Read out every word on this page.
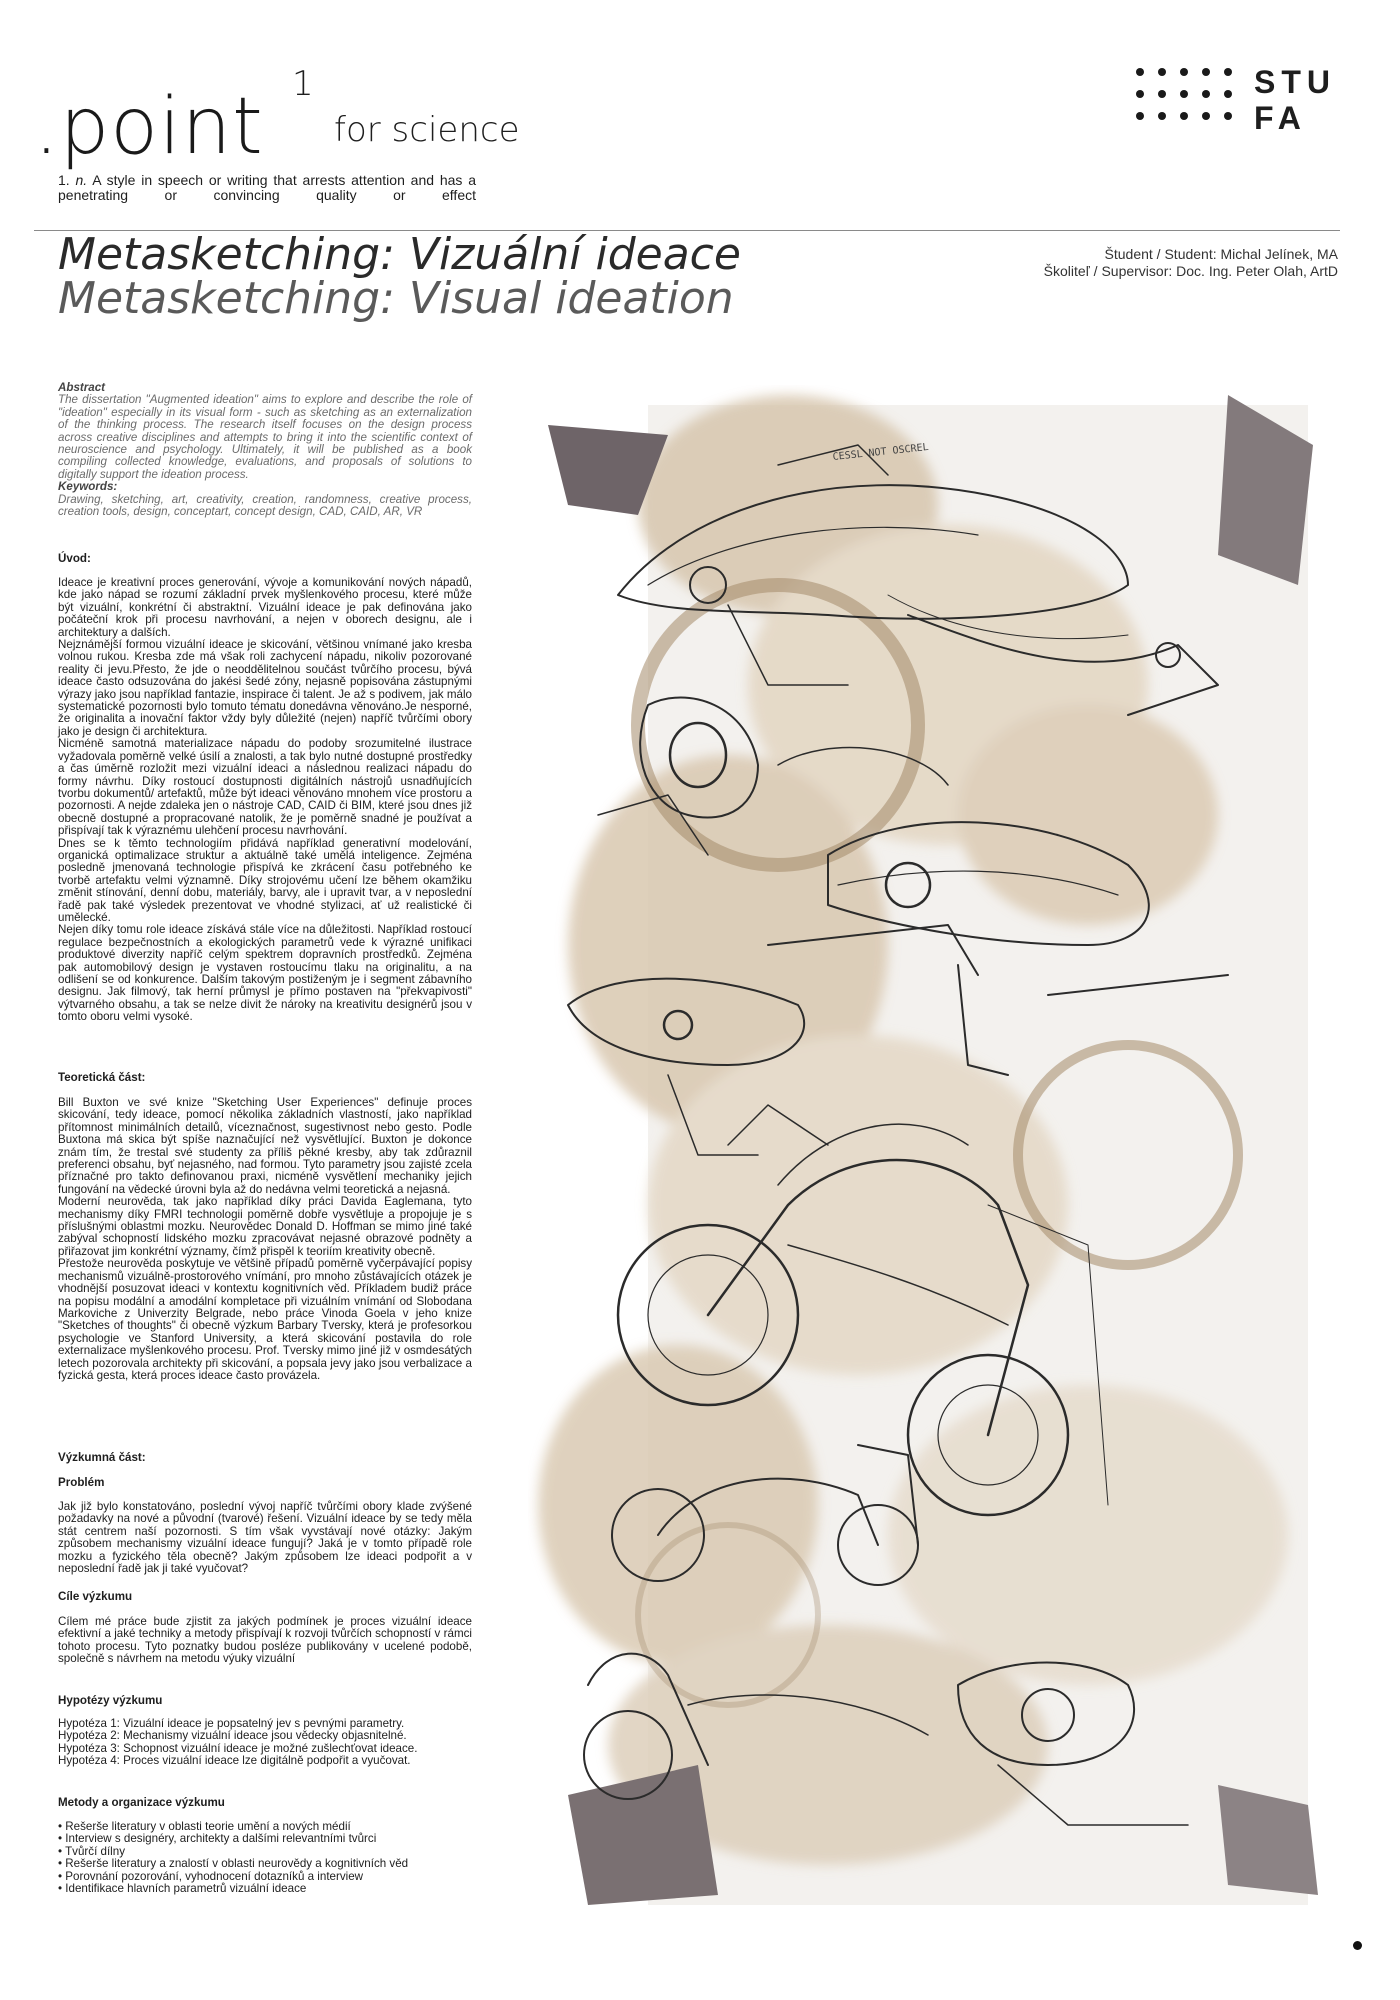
.point 1
for science
1. n. A style in speech or writing that arrests attention and has a penetrating or convincing quality or effect
STU
FA
Metasketching: Vizuální ideace
Metasketching: Visual ideation
Študent / Student: Michal Jelínek, MA
Školiteľ / Supervisor: Doc. Ing. Peter Olah, ArtD

Abstract

The dissertation "Augmented ideation" aims to explore and describe the role of "ideation" especially in its visual form - such as sketching as an externalization of the thinking process. The research itself focuses on the design process across creative disciplines and attempts to bring it into the scientific context of neuroscience and psychology. Ultimately, it will be published as a book compiling collected knowledge, evaluations, and proposals of solutions to digitally support the ideation process.

Keywords:

Drawing, sketching, art, creativity, creation, randomness, creative process, creation tools, design, conceptart, concept design, CAD, CAID, AR, VR

Úvod:

Ideace je kreativní proces generování, vývoje a komunikování nových nápadů, kde jako nápad se rozumí základní prvek myšlenkového procesu, které může být vizuální, konkrétní či abstraktní. Vizuální ideace je pak definována jako počáteční krok při procesu navrhování, a nejen v oborech designu, ale i architektury a dalších.

Nejznámější formou vizuální ideace je skicování, většinou vnímané jako kresba volnou rukou. Kresba zde má však roli zachycení nápadu, nikoliv pozorované reality či jevu.Přesto, že jde o neoddělitelnou součást tvůrčího procesu, bývá ideace často odsuzována do jakési šedé zóny, nejasně popisována zástupnými výrazy jako jsou například fantazie, inspirace či talent. Je až s podivem, jak málo systematické pozornosti bylo tomuto tématu donedávna věnováno.Je nesporné, že originalita a inovační faktor vždy byly důležité (nejen) napříč tvůrčími obory jako je design či architektura.

Nicméně samotná materializace nápadu do podoby srozumitelné ilustrace vyžadovala poměrně velké úsilí a znalosti, a tak bylo nutné dostupné prostředky a čas úměrně rozložit mezi vizuální ideaci a následnou realizaci nápadu do formy návrhu. Díky rostoucí dostupnosti digitálních nástrojů usnadňujících tvorbu dokumentů/ artefaktů, může být ideaci věnováno mnohem více prostoru a pozornosti. A nejde zdaleka jen o nástroje CAD, CAID či BIM, které jsou dnes již obecně dostupné a propracované natolik, že je poměrně snadné je používat a přispívají tak k výraznému ulehčení procesu navrhování.

Dnes se k těmto technologiím přidává například generativní modelování, organická optimalizace struktur a aktuálně také umělá inteligence. Zejména posledně jmenovaná technologie přispívá ke zkrácení času potřebného ke tvorbě artefaktu velmi významně. Díky strojovému učení lze během okamžiku změnit stínování, denní dobu, materiály, barvy, ale i upravit tvar, a v neposlední řadě pak také výsledek prezentovat ve vhodné stylizaci, ať už realistické či umělecké.

Nejen díky tomu role ideace získává stále více na důležitosti. Například rostoucí regulace bezpečnostních a ekologických parametrů vede k výrazné unifikaci produktové diverzity napříč celým spektrem dopravních prostředků. Zejména pak automobilový design je vystaven rostoucímu tlaku na originalitu, a na odlišení se od konkurence. Dalším takovým postiženým je i segment zábavního designu. Jak filmový, tak herní průmysl je přímo postaven na "překvapivosti" výtvarného obsahu, a tak se nelze divit že nároky na kreativitu designérů jsou v tomto oboru velmi vysoké.

Teoretická část:

Bill Buxton ve své knize "Sketching User Experiences" definuje proces skicování, tedy ideace, pomocí několika základních vlastností, jako například přítomnost minimálních detailů, víceznačnost, sugestivnost nebo gesto. Podle Buxtona má skica být spíše naznačující než vysvětlující. Buxton je dokonce znám tím, že trestal své studenty za příliš pěkné kresby, aby tak zdůraznil preferenci obsahu, byť nejasného, nad formou. Tyto parametry jsou zajisté zcela příznačné pro takto definovanou praxi, nicméně vysvětlení mechaniky jejich fungování na vědecké úrovni byla až do nedávna velmi teoretická a nejasná.

Moderní neurověda, tak jako například díky práci Davida Eaglemana, tyto mechanismy díky FMRI technologii poměrně dobře vysvětluje a propojuje je s příslušnými oblastmi mozku. Neurovědec Donald D. Hoffman se mimo jiné také zabýval schopností lidského mozku zpracovávat nejasné obrazové podněty a přiřazovat jim konkrétní významy, čímž přispěl k teoriím kreativity obecně.

Přestože neurověda poskytuje ve většině případů poměrně vyčerpávající popisy mechanismů vizuálně-prostorového vnímání, pro mnoho zůstávajících otázek je vhodnější posuzovat ideaci v kontextu kognitivních věd. Příkladem budiž práce na popisu modální a amodální kompletace při vizuálním vnímání od Slobodana Markoviche z Univerzity Belgrade, nebo práce Vinoda Goela v jeho knize "Sketches of thoughts" či obecně výzkum Barbary Tversky, která je profesorkou psychologie ve Stanford University, a která skicování postavila do role externalizace myšlenkového procesu. Prof. Tversky mimo jiné již v osmdesátých letech pozorovala architekty při skicování, a popsala jevy jako jsou verbalizace a fyzická gesta, která proces ideace často provázela.

Výzkumná část:
Problém

Jak již bylo konstatováno, poslední vývoj napříč tvůrčími obory klade zvýšené požadavky na nové a původní (tvarové) řešení. Vizuální ideace by se tedy měla stát centrem naší pozornosti. S tím však vyvstávají nové otázky: Jakým způsobem mechanismy vizuální ideace fungují? Jaká je v tomto případě role mozku a fyzického těla obecně? Jakým způsobem lze ideaci podpořit a v neposlední řadě jak ji také vyučovat?

Cíle výzkumu

Cílem mé práce bude zjistit za jakých podmínek je proces vizuální ideace efektivní a jaké techniky a metody přispívají k rozvoji tvůrčích schopností v rámci tohoto procesu. Tyto poznatky budou posléze publikovány v ucelené podobě, společně s návrhem na metodu výuky vizuální

Hypotézy výzkumu

Hypotéza 1: Vizuální ideace je popsatelný jev s pevnými parametry.

Hypotéza 2: Mechanismy vizuální ideace jsou vědecky objasnitelné.

Hypotéza 3: Schopnost vizuální ideace je možné zušlechťovat ideace.

Hypotéza 4: Proces vizuální ideace lze digitálně podpořit a vyučovat.

Metody a organizace výzkumu
• Rešerše literatury v oblasti teorie umění a nových médií
• Interview s designéry, architekty a dalšími relevantními tvůrci
• Tvůrčí dílny
• Rešerše literatury a znalostí v oblasti neurovědy a kognitivních věd
• Porovnání pozorování, vyhodnocení dotazníků a interview
• Identifikace hlavních parametrů vizuální ideace
CESSL NOT OSCREL
